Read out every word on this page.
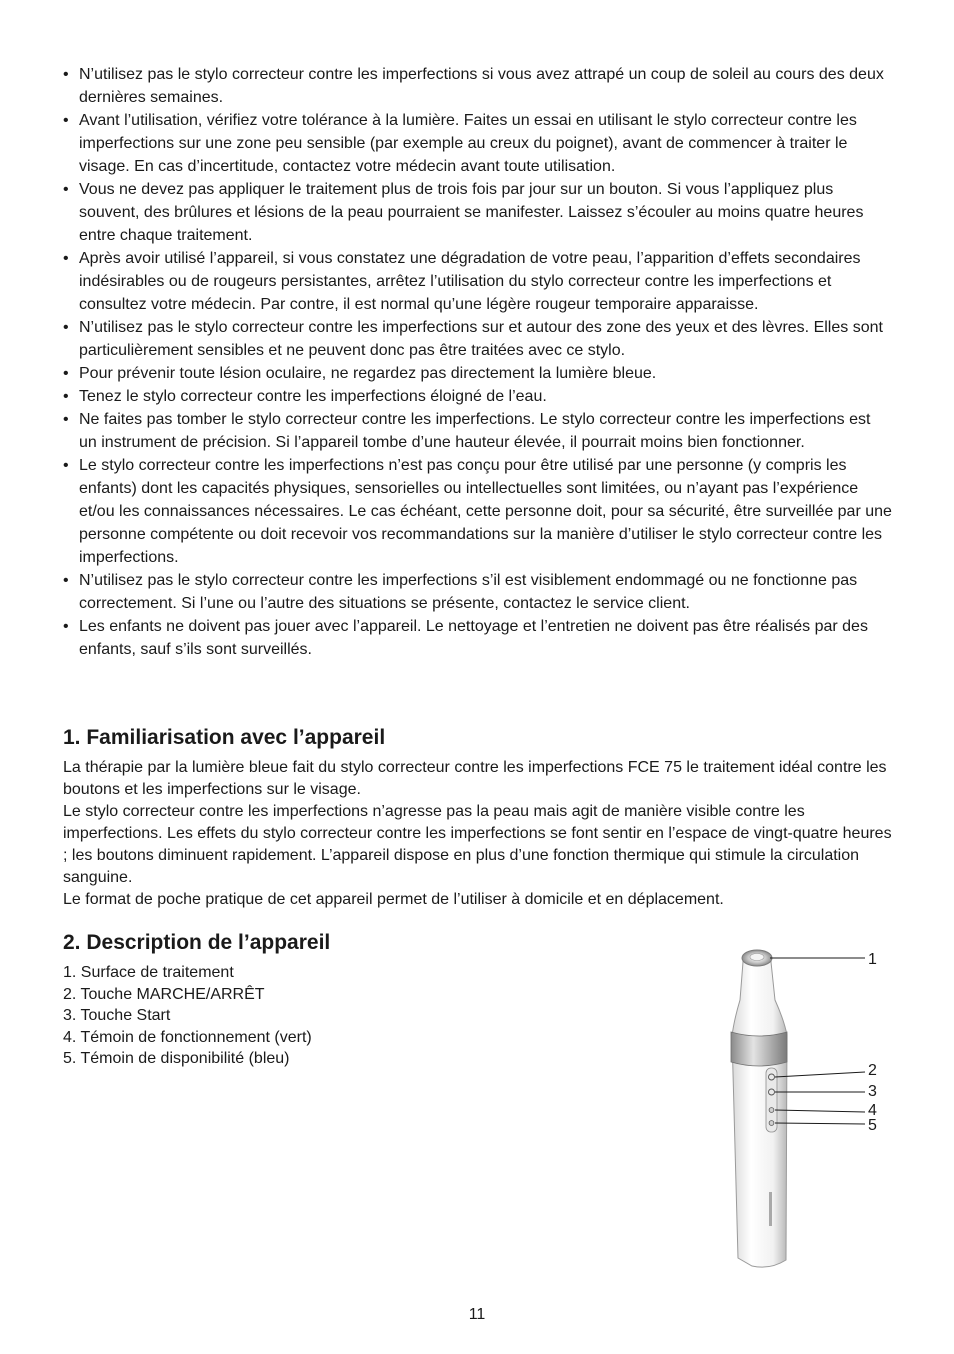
• N’utilisez pas le stylo correcteur contre les imperfections si vous avez attrapé un coup de soleil au cours des deux dernières semaines.
• Avant l’utilisation, vérifiez votre tolérance à la lumière. Faites un essai en utilisant le stylo correcteur contre les imperfections sur une zone peu sensible (par exemple au creux du poignet), avant de commencer à traiter le visage. En cas d’incertitude, contactez votre médecin avant toute utilisation.
• Vous ne devez pas appliquer le traitement plus de trois fois par jour sur un bouton. Si vous l’appliquez plus souvent, des brûlures et lésions de la peau pourraient se manifester. Laissez s’écouler au moins quatre heures entre chaque traitement.
• Après avoir utilisé l’appareil, si vous constatez une dégradation de votre peau, l’apparition d’effets secondaires indésirables ou de rougeurs persistantes, arrêtez l’utilisation du stylo correcteur contre les imperfections et consultez votre médecin. Par contre, il est normal qu’une légère rougeur temporaire apparaisse.
• N’utilisez pas le stylo correcteur contre les imperfections sur et autour des zone des yeux et des lèvres. Elles sont particulièrement sensibles et ne peuvent donc pas être traitées avec ce stylo.
• Pour prévenir toute lésion oculaire, ne regardez pas directement la lumière bleue.
• Tenez le stylo correcteur contre les imperfections éloigné de l’eau.
• Ne faites pas tomber le stylo correcteur contre les imperfections. Le stylo correcteur contre les imperfections est un instrument de précision. Si l’appareil tombe d’une hauteur élevée, il pourrait moins bien fonctionner.
• Le stylo correcteur contre les imperfections n’est pas conçu pour être utilisé par une personne (y compris les enfants) dont les capacités physiques, sensorielles ou intellectuelles sont limitées, ou n’ayant pas l’expérience et/ou les connaissances nécessaires. Le cas échéant, cette personne doit, pour sa sécurité, être surveillée par une personne compétente ou doit recevoir vos recommandations sur la manière d’utiliser le stylo correcteur contre les imperfections.
• N’utilisez pas le stylo correcteur contre les imperfections s’il est visiblement endommagé ou ne fonctionne pas correctement. Si l’une ou l’autre des situations se présente, contactez le service client.
• Les enfants ne doivent pas jouer avec l’appareil. Le nettoyage et l’entretien ne doivent pas être réalisés par des enfants, sauf s’ils sont surveillés.
1. Familiarisation avec l’appareil

La thérapie par la lumière bleue fait du stylo correcteur contre les imperfections FCE 75 le traitement idéal contre les boutons et les imperfections sur le visage.

Le stylo correcteur contre les imperfections n’agresse pas la peau mais agit de manière visible contre les imperfections. Les effets du stylo correcteur contre les imperfections se font sentir en l’espace de vingt-quatre heures ; les boutons diminuent rapidement. L’appareil dispose en plus d’une fonction thermique qui stimule la circulation sanguine.

Le format de poche pratique de cet appareil permet de l’utiliser à domicile et en déplacement.

2. Description de l’appareil
1. Surface de traitement
2. Touche MARCHE/ARRÊT
3. Touche Start
4. Témoin de fonctionnement (vert)
5. Témoin de disponibilité (bleu)
1
2
3
4
5
11
